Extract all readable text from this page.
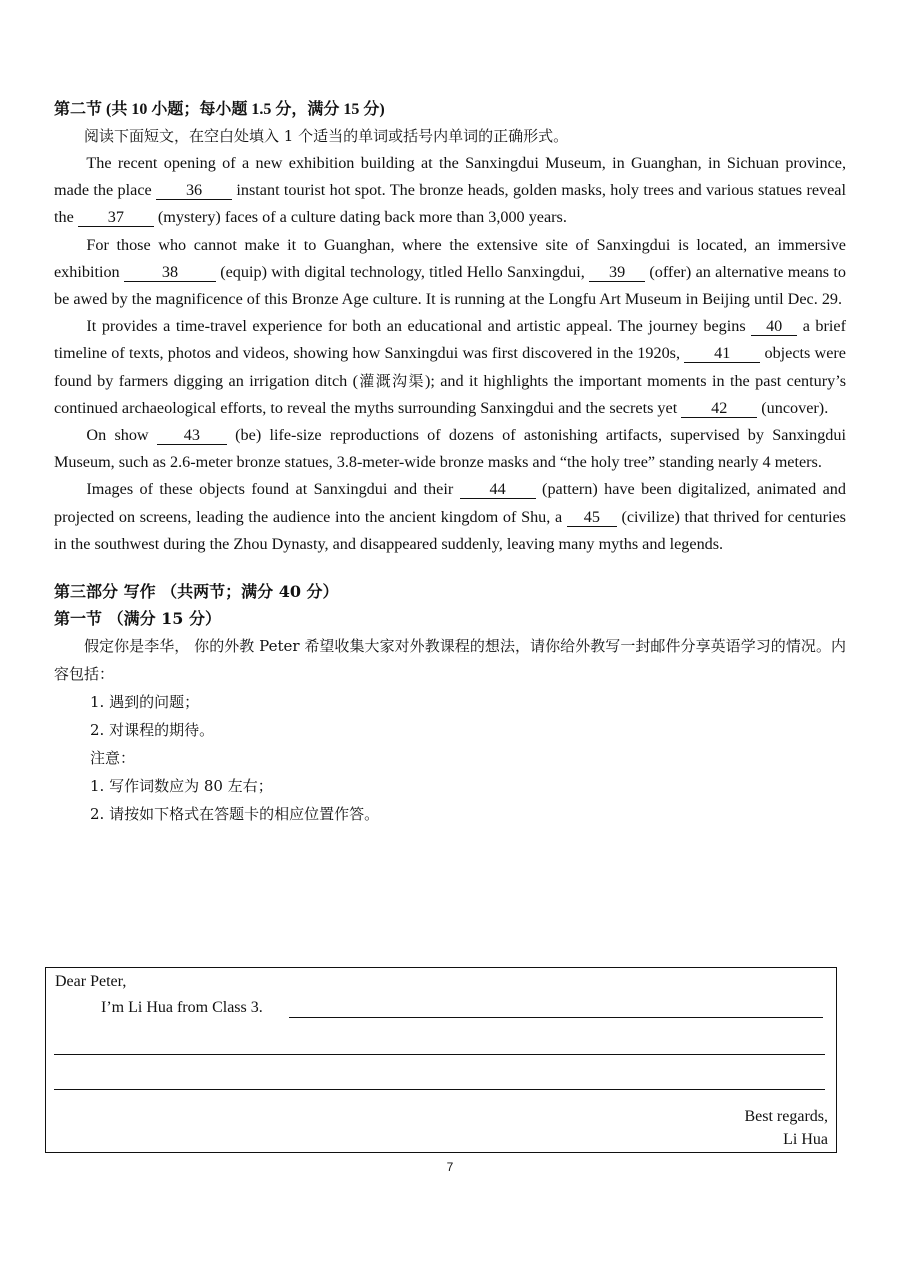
第二节 (共 10 小题；每小题 1.5 分，满分 15 分)

阅读下面短文，在空白处填入 1 个适当的单词或括号内单词的正确形式。

The recent opening of a new exhibition building at the Sanxingdui Museum, in Guanghan, in Sichuan province, made the place 36 instant tourist hot spot. The bronze heads, golden masks, holy trees and various statues reveal the 37 (mystery) faces of a culture dating back more than 3,000 years.

For those who cannot make it to Guanghan, where the extensive site of Sanxingdui is located, an immersive exhibition 38 (equip) with digital technology, titled Hello Sanxingdui, 39 (offer) an alternative means to be awed by the magnificence of this Bronze Age culture. It is running at the Longfu Art Museum in Beijing until Dec. 29.

It provides a time-travel experience for both an educational and artistic appeal. The journey begins 40 a brief timeline of texts, photos and videos, showing how Sanxingdui was first discovered in the 1920s, 41 objects were found by farmers digging an irrigation ditch (灌溉沟渠); and it highlights the important moments in the past century’s continued archaeological efforts, to reveal the myths surrounding Sanxingdui and the secrets yet 42 (uncover).

On show 43 (be) life-size reproductions of dozens of astonishing artifacts, supervised by Sanxingdui Museum, such as 2.6-meter bronze statues, 3.8-meter-wide bronze masks and “the holy tree” standing nearly 4 meters.

Images of these objects found at Sanxingdui and their 44 (pattern) have been digitalized, animated and projected on screens, leading the audience into the ancient kingdom of Shu, a 45 (civilize) that thrived for centuries in the southwest during the Zhou Dynasty, and disappeared suddenly, leaving many myths and legends.

第三部分 写作 （共两节；满分 40 分）

第一节 （满分 15 分）

假定你是李华， 你的外教 Peter 希望收集大家对外教课程的想法，请你给外教写一封邮件分享英语学习的情况。内容包括：

1. 遇到的问题；

2. 对课程的期待。

注意：

1. 写作词数应为 80 左右；

2. 请按如下格式在答题卡的相应位置作答。

Dear Peter,
I’m Li Hua from Class 3.
Best regards,
Li Hua
7
